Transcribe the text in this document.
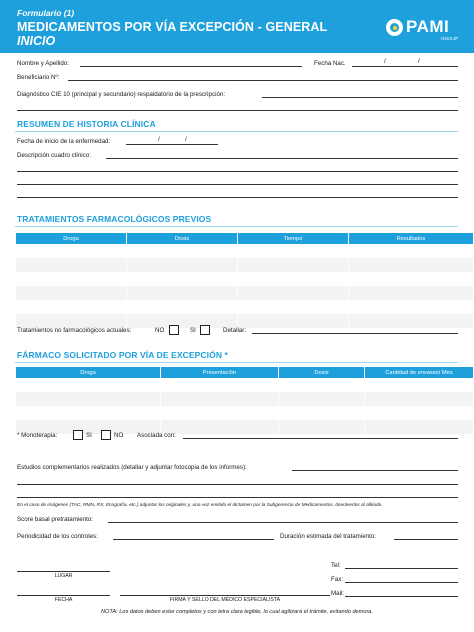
Formulario (1)
MEDICAMENTOS POR VÍA EXCEPCIÓN - GENERAL
INICIO
PAMI
INSSJP
Nombre y Apellido:	Fecha Nac.	/	/
Beneficiario Nº:
Diagnóstico CIE 10 (principal y secundario) respaldatorio de la prescripción:
RESUMEN DE HISTORIA CLÍNICA
Fecha de inicio de la enfermedad:	/	/
Descripción cuadro clínico:
TRATAMIENTOS FARMACOLÓGICOS PREVIOS
Droga	Dosis	Tiempo	Resultados
Tratamientos no farmacológicos actuales:	NO	SI	Detallar:
FÁRMACO SOLICITADO POR VÍA DE EXCEPCIÓN *
Droga	Presentación	Dosis	Cantidad de envases/ Mes
* Monoterapia:	SI	NO Asociada con:
Estudios complementarios realizados (detallar y adjuntar fotocopia de los informes):
En el caso de imágenes (TAC, RMN, RX, Ecografía, etc.) adjuntar los originales y, una vez emitido el dictamen por la Subgerencia de Medicamentos, devolverlos al afiliado.
Score basal pretratamiento:
Periodicidad de los controles:	Duración estimada del tratamiento:
LUGAR
FECHA	FIRMA Y SELLO DEL MÉDICO ESPECIALISTA
Tel:
Fax:
Mail:
NOTA: Los datos deben estar completos y con letra clara legible, lo cual agilizará el trámite, evitando demora.
